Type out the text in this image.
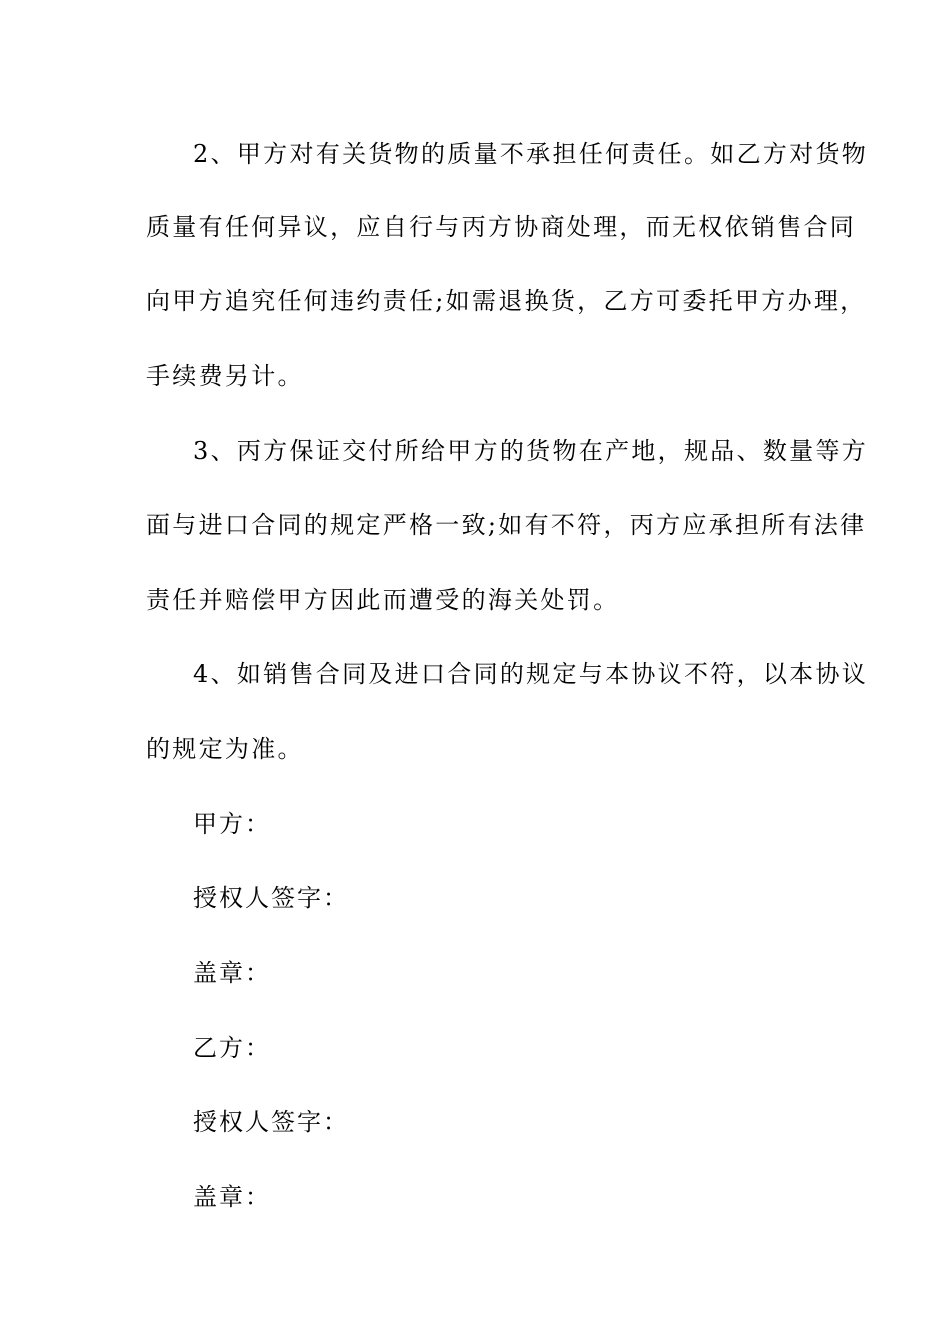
2、甲方对有关货物的质量不承担任何责任。如乙方对货物
质量有任何异议，应自行与丙方协商处理，而无权依销售合同
向甲方追究任何违约责任;如需退换货，乙方可委托甲方办理，
手续费另计。
3、丙方保证交付所给甲方的货物在产地，规品、数量等方
面与进口合同的规定严格一致;如有不符，丙方应承担所有法律
责任并赔偿甲方因此而遭受的海关处罚。
4、如销售合同及进口合同的规定与本协议不符，以本协议
的规定为准。
甲方：
授权人签字：
盖章：
乙方：
授权人签字：
盖章：
